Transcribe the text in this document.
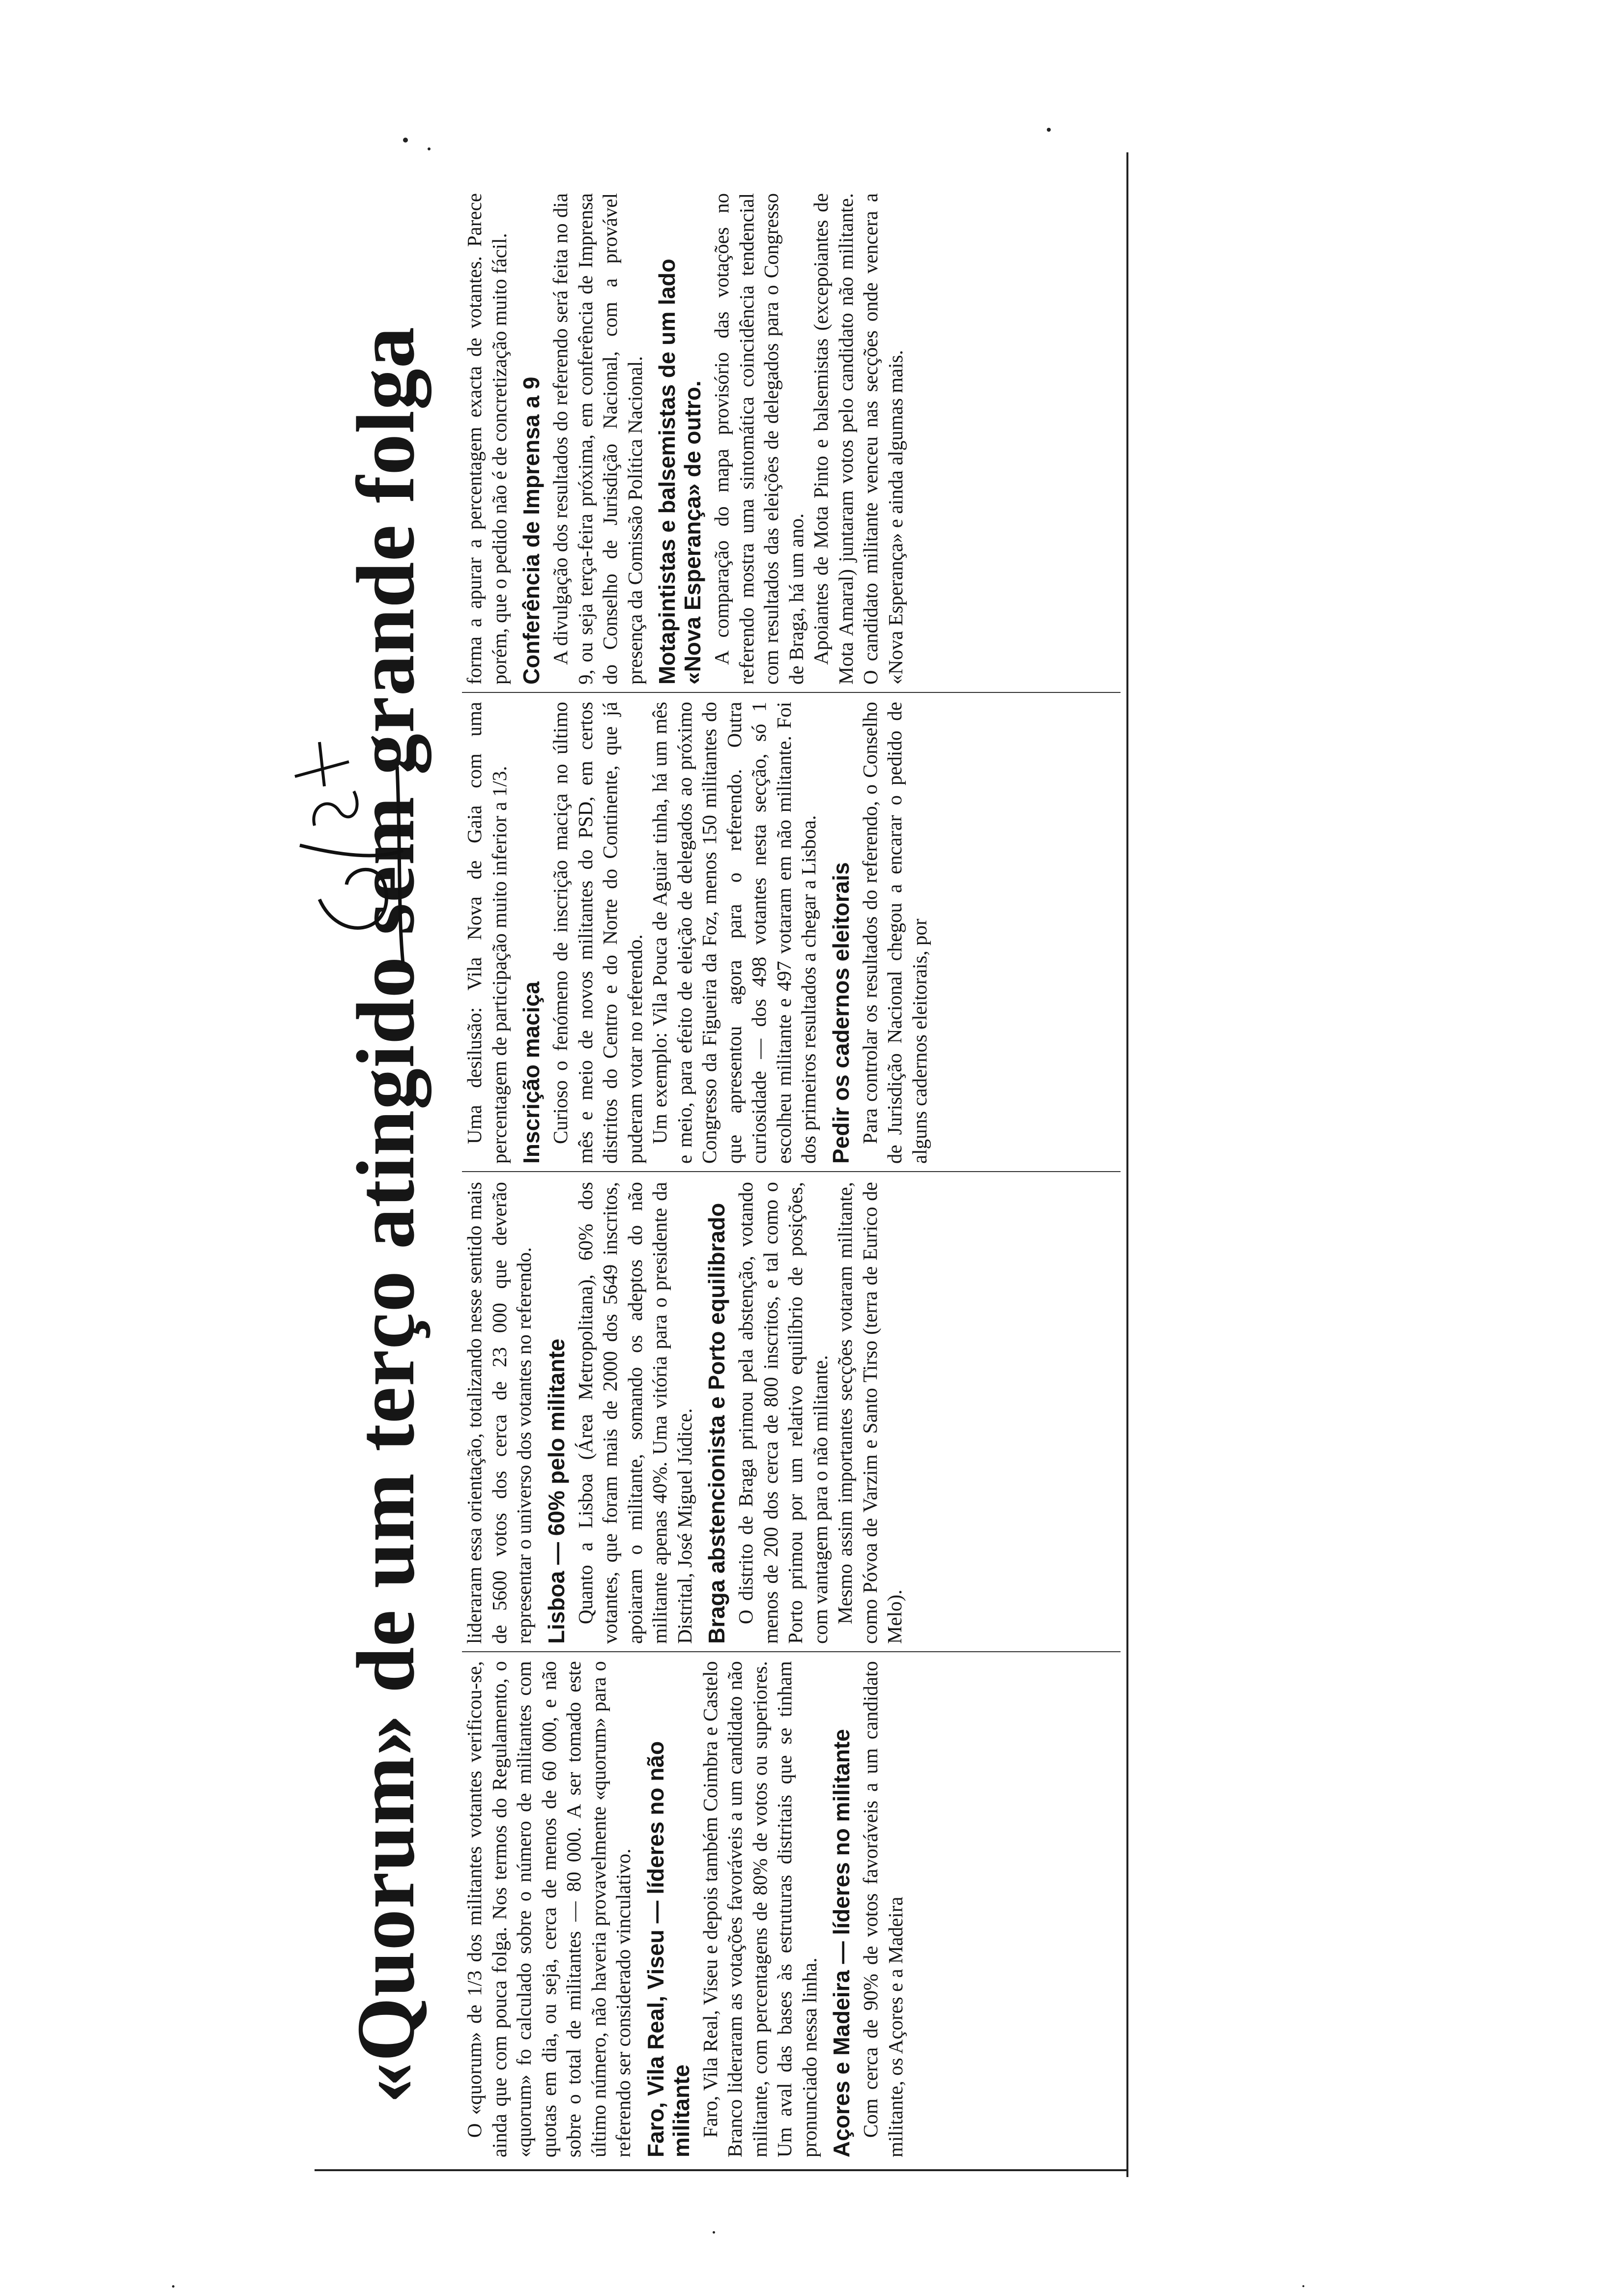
«Quorum» de um terço atingido sem grande folga	O «quorum» de 1/3 dos militantes votantes verificou-se, ainda que com pouca folga. Nos termos do Regulamento, o «quorum» fo calculado sobre o número de militantes com quotas em dia, ou seja, cerca de menos de 60 000, e não sobre o total de militantes — 80 000. A ser tomado este último número, não haveria provavelmente «quorum» para o referendo ser considerado vinculativo. Faro, Vila Real, Viseu — líderes no não militante Faro, Vila Real, Viseu e depois também Coimbra e Castelo Branco lideraram as votações favoráveis a um candidato não militante, com percentagens de 80% de votos ou superiores. Um aval das bases às estruturas distritais que se tinham pronunciado nessa linha. Açores e Madeira — líderes no militante Com cerca de 90% de votos favoráveis a um candidato militante, os Açores e a Madeira

lideraram essa orientação, totalizando nesse sentido mais de 5600 votos dos cerca de 23 000 que deverão representar o universo dos votantes no referendo. Lisboa — 60% pelo militante Quanto a Lisboa (Área Metropolitana), 60% dos votantes, que foram mais de 2000 dos 5649 inscritos, apoiaram o militante, somando os adeptos do não militante apenas 40%. Uma vitória para o presidente da Distrital, José Miguel Júdice. Braga abstencionista e Porto equilibrado O distrito de Braga primou pela abstenção, votando menos de 200 dos cerca de 800 inscritos, e tal como o Porto primou por um relativo equilíbrio de posições, com vantagem para o não militante. Mesmo assim importantes secções votaram militante, como Póvoa de Varzim e Santo Tirso (terra de Eurico de Melo).

Uma desilusão: Vila Nova de Gaia com uma percentagem de participação muito inferior a 1/3. Inscrição maciça Curioso o fenómeno de inscrição maciça no último mês e meio de novos militantes do PSD, em certos distritos do Centro e do Norte do Continente, que já puderam votar no referendo. Um exemplo: Vila Pouca de Aguiar tinha, há um mês e meio, para efeito de eleição de delegados ao próximo Congresso da Figueira da Foz, menos 150 militantes do que apresentou agora para o referendo. Outra curiosidade — dos 498 votantes nesta secção, só 1 escolheu militante e 497 votaram em não militante. Foi dos primeiros resultados a chegar a Lisboa. Pedir os cadernos eleitorais Para controlar os resultados do referendo, o Conselho de Jurisdição Nacional chegou a encarar o pedido de alguns cadernos eleitorais, por

forma a apurar a percentagem exacta de votantes. Parece porém, que o pedido não é de concretização muito fácil. Conferência de Imprensa a 9 A divulgação dos resultados do referendo será feita no dia 9, ou seja terça-feira próxima, em conferência de Imprensa do Conselho de Jurisdição Nacional, com a provável presença da Comissão Política Nacional. Motapintistas e balsemistas de um lado «Nova Esperança» de outro. A comparação do mapa provisório das votações no referendo mostra uma sintomática coincidência tendencial com resultados das eleições de delegados para o Congresso de Braga, há um ano. Apoiantes de Mota Pinto e balsemistas (excepoiantes de Mota Amaral) juntaram votos pelo candidato não militante. O candidato militante venceu nas secções onde vencera a «Nova Esperança» e ainda algumas mais.
